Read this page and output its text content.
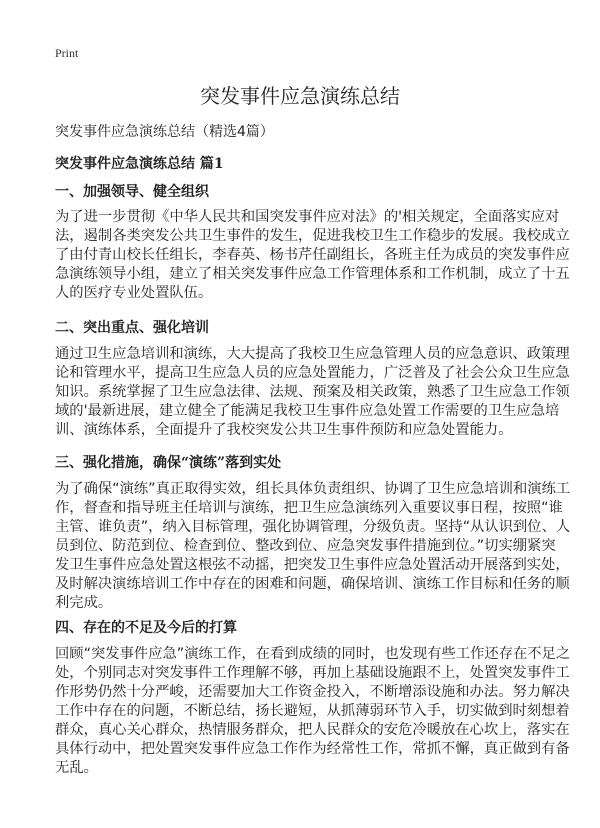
Print
突发事件应急演练总结
突发事件应急演练总结（精选4篇）
突发事件应急演练总结 篇1
一、加强领导、健全组织
为了进一步贯彻《中华人民共和国突发事件应对法》的'相关规定，全面落实应对
法，遏制各类突发公共卫生事件的发生，促进我校卫生工作稳步的发展。我校成立
了由付青山校长任组长，李春英、杨书芹任副组长，各班主任为成员的突发事件应
急演练领导小组，建立了相关突发事件应急工作管理体系和工作机制，成立了十五
人的医疗专业处置队伍。
二、突出重点、强化培训
通过卫生应急培训和演练，大大提高了我校卫生应急管理人员的应急意识、政策理
论和管理水平，提高卫生应急人员的应急处置能力，广泛普及了社会公众卫生应急
知识。系统掌握了卫生应急法律、法规、预案及相关政策，熟悉了卫生应急工作领
域的'最新进展，建立健全了能满足我校卫生事件应急处置工作需要的卫生应急培
训、演练体系，全面提升了我校突发公共卫生事件预防和应急处置能力。
三、强化措施，确保“演练”落到实处
为了确保“演练”真正取得实效，组长具体负责组织、协调了卫生应急培训和演练工
作，督查和指导班主任培训与演练，把卫生应急演练列入重要议事日程，按照“谁
主管、谁负责”，纳入目标管理，强化协调管理，分级负责。坚持“从认识到位、人
员到位、防范到位、检查到位、整改到位、应急突发事件措施到位。”切实绷紧突
发卫生事件应急处置这根弦不动摇，把突发卫生事件应急处置活动开展落到实处，
及时解决演练培训工作中存在的困难和问题，确保培训、演练工作目标和任务的顺
利完成。
四、存在的不足及今后的打算
回顾“突发事件应急”演练工作，在看到成绩的同时，也发现有些工作还存在不足之
处，个别同志对突发事件工作理解不够，再加上基础设施跟不上，处置突发事件工
作形势仍然十分严峻，还需要加大工作资金投入，不断增添设施和办法。努力解决
工作中存在的问题，不断总结，扬长避短，从抓薄弱环节入手，切实做到时刻想着
群众，真心关心群众，热情服务群众，把人民群众的安危冷暖放在心坎上，落实在
具体行动中，把处置突发事件应急工作作为经常性工作，常抓不懈，真正做到有备
无乱。
